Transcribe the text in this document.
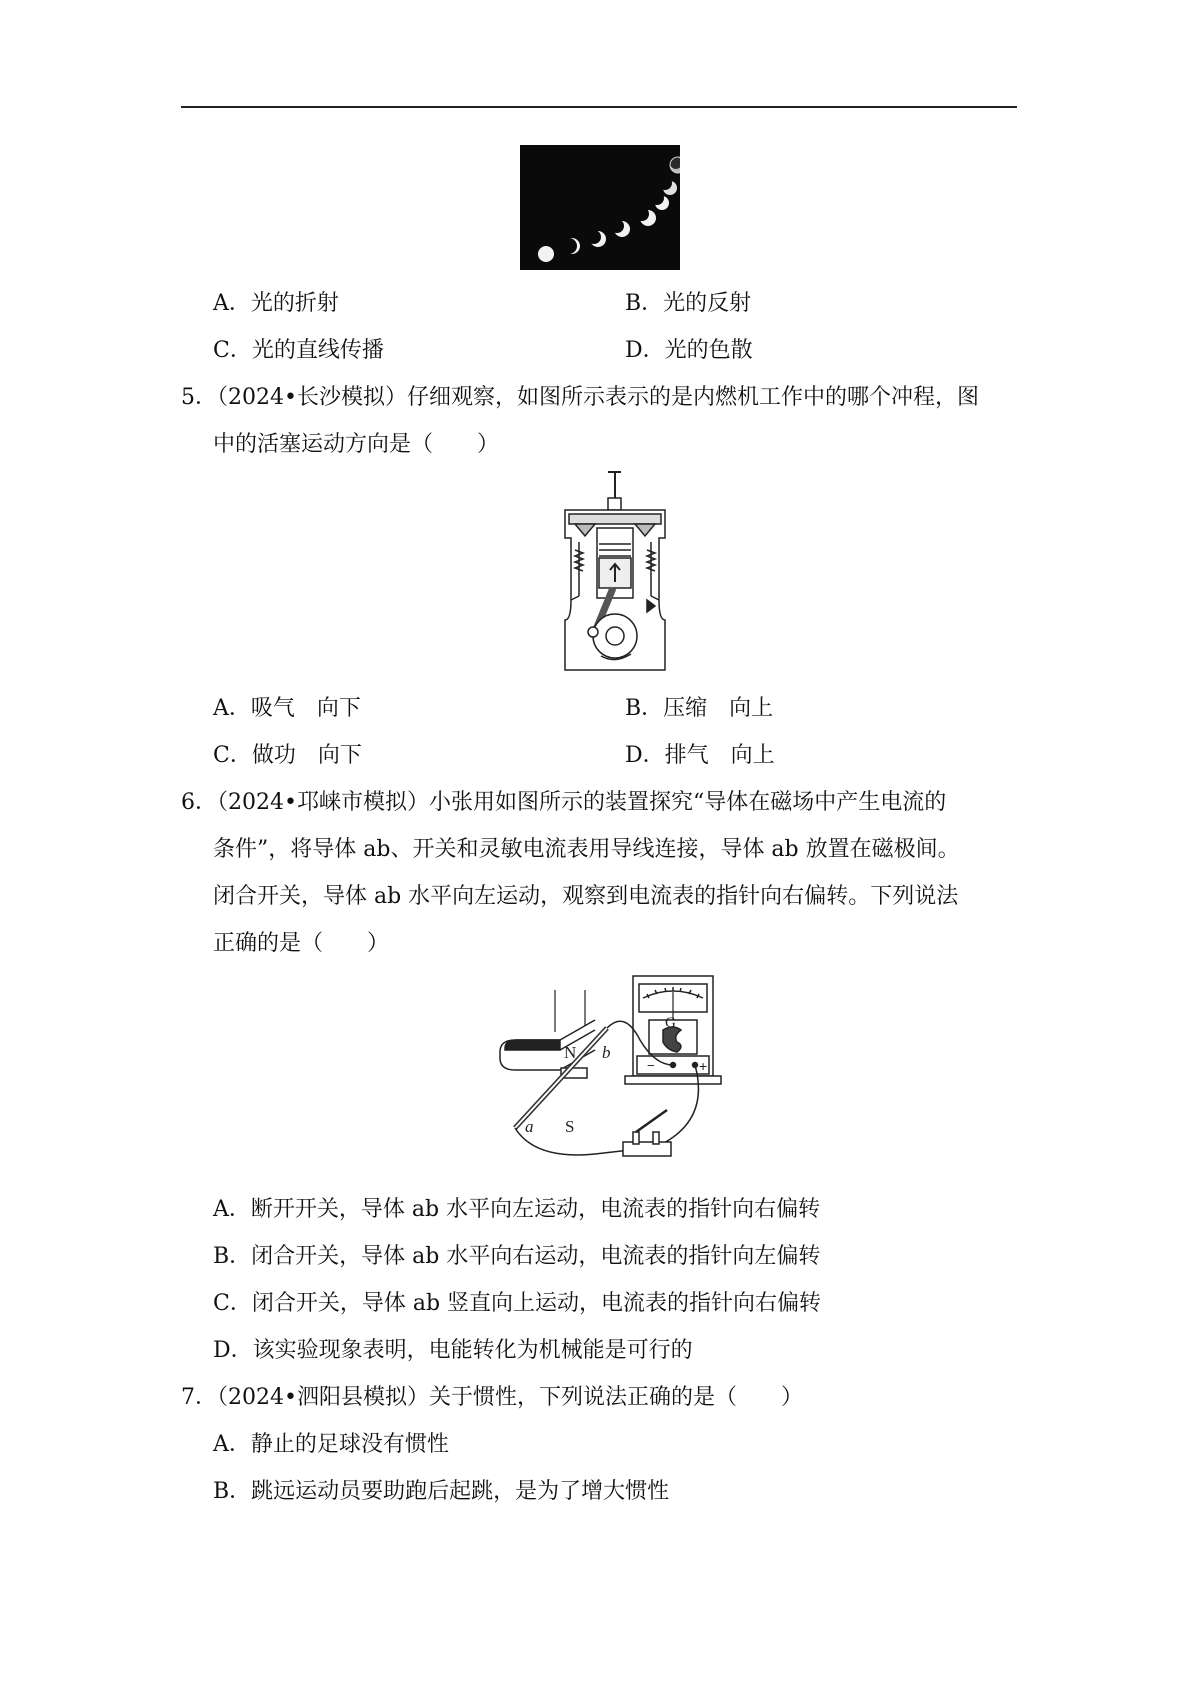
A．光的折射	B．光的反射
C．光的直线传播	D．光的色散
5．（2024•长沙模拟）仔细观察，如图所示表示的是内燃机工作中的哪个冲程，图
中的活塞运动方向是（　　）
A．吸气　向下	B．压缩　向上
C．做功　向下	D．排气　向上
6．（2024•邛崃市模拟）小张用如图所示的装置探究“导体在磁场中产生电流的
条件”，将导体 ab、开关和灵敏电流表用导线连接，导体 ab 放置在磁极间。
闭合开关，导体 ab 水平向左运动，观察到电流表的指针向右偏转。下列说法
正确的是（　　）
N
S
a
b
G
−	+
A．断开开关，导体 ab 水平向左运动，电流表的指针向右偏转
B．闭合开关，导体 ab 水平向右运动，电流表的指针向左偏转
C．闭合开关，导体 ab 竖直向上运动，电流表的指针向右偏转
D．该实验现象表明，电能转化为机械能是可行的
7．（2024•泗阳县模拟）关于惯性，下列说法正确的是（　　）
A．静止的足球没有惯性
B．跳远运动员要助跑后起跳，是为了增大惯性
